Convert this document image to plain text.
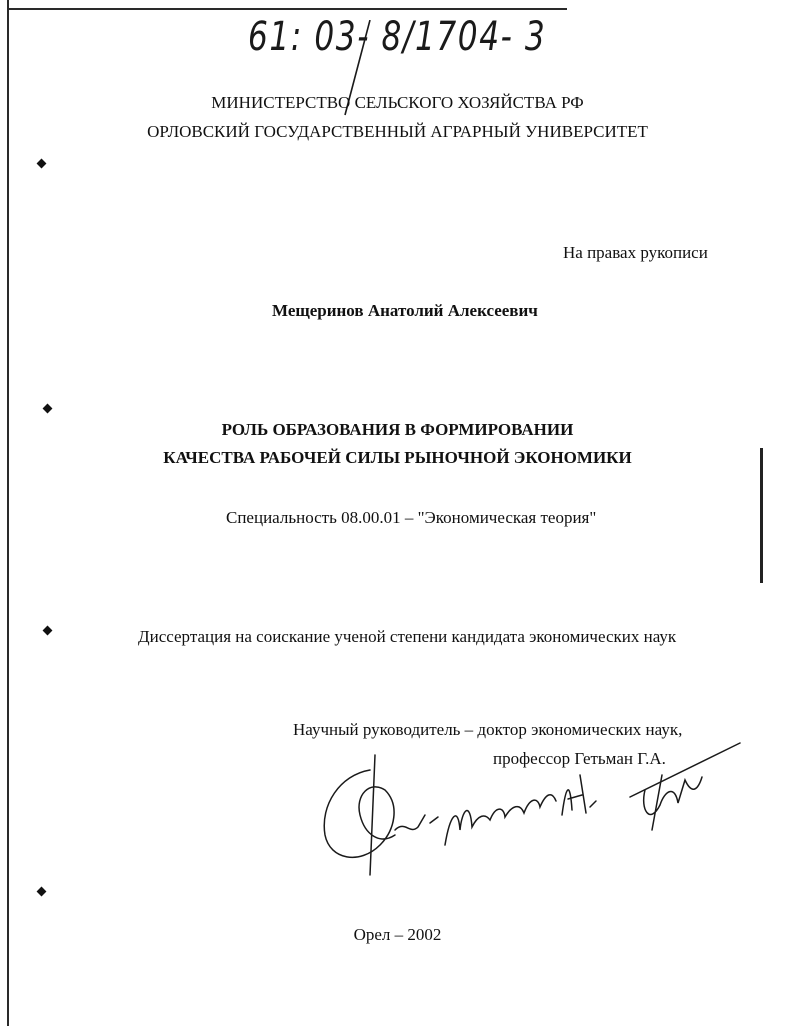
61: 03- 8/1704- 3
МИНИСТЕРСТВО СЕЛЬСКОГО ХОЗЯЙСТВА РФ
ОРЛОВСКИЙ ГОСУДАРСТВЕННЫЙ АГРАРНЫЙ УНИВЕРСИТЕТ
На правах рукописи
Мещеринов Анатолий Алексеевич
РОЛЬ ОБРАЗОВАНИЯ В ФОРМИРОВАНИИ
КАЧЕСТВА РАБОЧЕЙ СИЛЫ РЫНОЧНОЙ ЭКОНОМИКИ
Специальность 08.00.01 – "Экономическая теория"
Диссертация на соискание ученой степени кандидата экономических наук
Научный руководитель – доктор экономических наук,
профессор Гетьман Г.А.
Орел – 2002
